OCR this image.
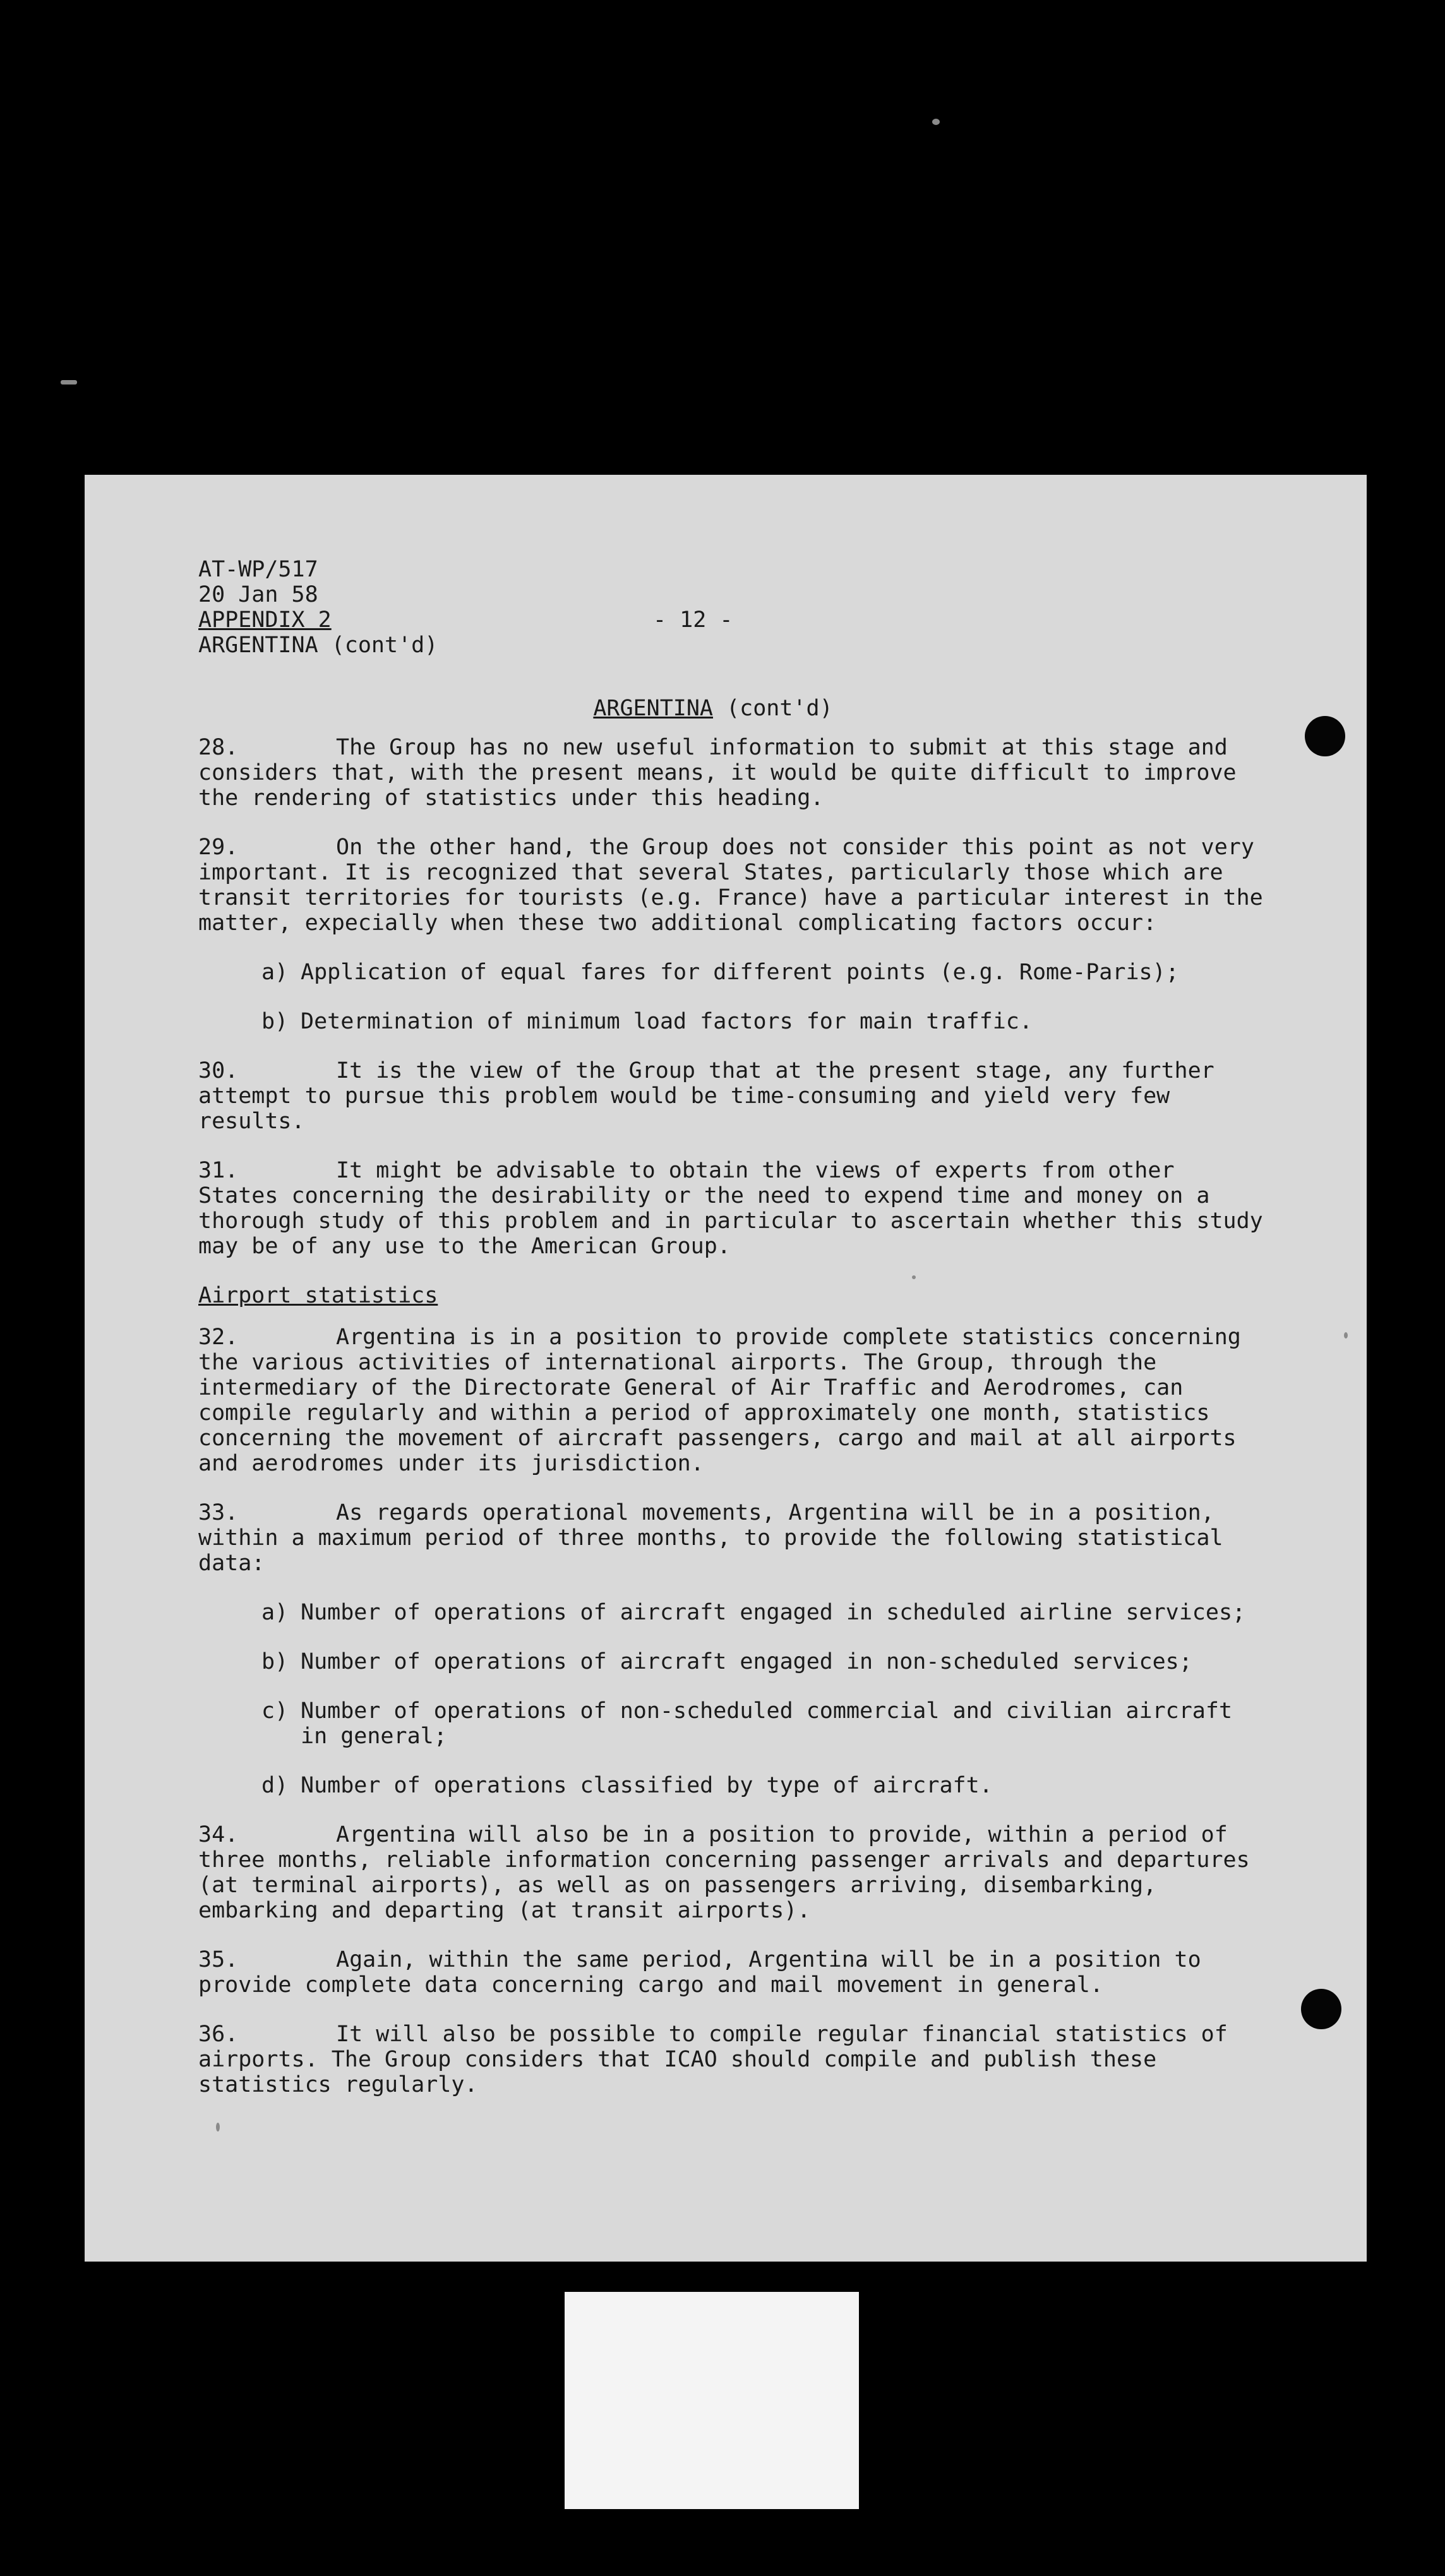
AT-WP/517
20 Jan 58
APPENDIX 2
ARGENTINA (cont'd)
- 12 -
ARGENTINA (cont'd)

28.	The Group has no new useful information to submit at this stage and considers that, with the present means, it would be quite difficult to improve the rendering of statistics under this heading.

29.	On the other hand, the Group does not consider this point as not very important. It is recognized that several States, particularly those which are transit territories for tourists (e.g. France) have a particular interest in the matter, expecially when these two additional complicating factors occur:

a) Application of equal fares for different points (e.g. Rome-Paris);
b) Determination of minimum load factors for main traffic.

30.	It is the view of the Group that at the present stage, any further attempt to pursue this problem would be time-consuming and yield very few results.

31.	It might be advisable to obtain the views of experts from other States concerning the desirability or the need to expend time and money on a thorough study of this problem and in particular to ascertain whether this study may be of any use to the American Group.

Airport statistics

32.	Argentina is in a position to provide complete statistics concerning the various activities of international airports. The Group, through the intermediary of the Directorate General of Air Traffic and Aerodromes, can compile regularly and within a period of approximately one month, statistics concerning the movement of aircraft passengers, cargo and mail at all airports and aerodromes under its jurisdiction.

33.	As regards operational movements, Argentina will be in a position, within a maximum period of three months, to provide the following statistical data:

a) Number of operations of aircraft engaged in scheduled airline services;
b) Number of operations of aircraft engaged in non-scheduled services;
c) Number of operations of non-scheduled commercial and civilian aircraft in general;
d) Number of operations classified by type of aircraft.

34.	Argentina will also be in a position to provide, within a period of three months, reliable information concerning passenger arrivals and departures (at terminal airports), as well as on passengers arriving, disembarking, embarking and departing (at transit airports).

35.	Again, within the same period, Argentina will be in a position to provide complete data concerning cargo and mail movement in general.

36.	It will also be possible to compile regular financial statistics of airports. The Group considers that ICAO should compile and publish these statistics regularly.
